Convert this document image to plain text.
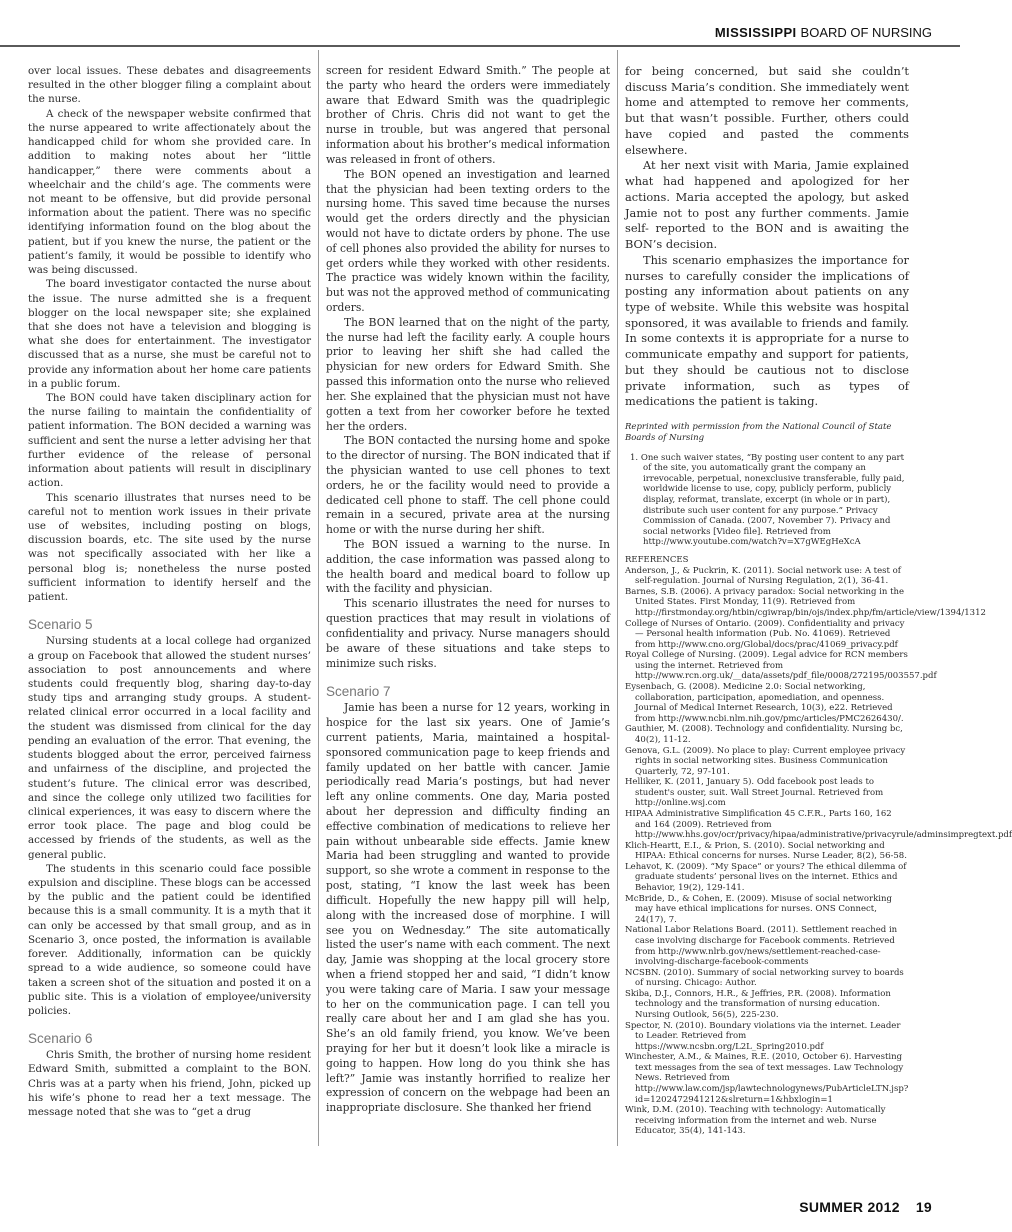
MISSISSIPPI BOARD OF NURSING

over local issues. These debates and disagreements resulted in the other blogger filing a complaint about the nurse.

A check of the newspaper website confirmed that the nurse appeared to write affectionately about the handicapped child for whom she provided care. In addition to making notes about her “little handicapper,” there were comments about a wheelchair and the child’s age. The comments were not meant to be offensive, but did provide personal information about the patient. There was no specific identifying information found on the blog about the patient, but if you knew the nurse, the patient or the patient’s family, it would be possible to identify who was being discussed.

The board investigator contacted the nurse about the issue. The nurse admitted she is a frequent blogger on the local newspaper site; she explained that she does not have a television and blogging is what she does for entertainment. The investigator discussed that as a nurse, she must be careful not to provide any information about her home care patients in a public forum.

The BON could have taken disciplinary action for the nurse failing to maintain the confidentiality of patient information. The BON decided a warning was sufficient and sent the nurse a letter advising her that further evidence of the release of personal information about patients will result in disciplinary action.

This scenario illustrates that nurses need to be careful not to mention work issues in their private use of websites, including posting on blogs, discussion boards, etc. The site used by the nurse was not specifically associated with her like a personal blog is; nonetheless the nurse posted sufficient information to identify herself and the patient.

Scenario 5

Nursing students at a local college had organized a group on Facebook that allowed the student nurses’ association to post announcements and where students could frequently blog, sharing day-to-day study tips and arranging study groups. A student-related clinical error occurred in a local facility and the student was dismissed from clinical for the day pending an evaluation of the error. That evening, the students blogged about the error, perceived fairness and unfairness of the discipline, and projected the student’s future. The clinical error was described, and since the college only utilized two facilities for clinical experiences, it was easy to discern where the error took place. The page and blog could be accessed by friends of the students, as well as the general public.

The students in this scenario could face possible expulsion and discipline. These blogs can be accessed by the public and the patient could be identified because this is a small community. It is a myth that it can only be accessed by that small group, and as in Scenario 3, once posted, the information is available forever. Additionally, information can be quickly spread to a wide audience, so someone could have taken a screen shot of the situation and posted it on a public site. This is a violation of employee/university policies.

Scenario 6

Chris Smith, the brother of nursing home resident Edward Smith, submitted a complaint to the BON. Chris was at a party when his friend, John, picked up his wife’s phone to read her a text message. The message noted that she was to “get a drug

screen for resident Edward Smith.” The people at the party who heard the orders were immediately aware that Edward Smith was the quadriplegic brother of Chris. Chris did not want to get the nurse in trouble, but was angered that personal information about his brother’s medical information was released in front of others.

The BON opened an investigation and learned that the physician had been texting orders to the nursing home. This saved time because the nurses would get the orders directly and the physician would not have to dictate orders by phone. The use of cell phones also provided the ability for nurses to get orders while they worked with other residents. The practice was widely known within the facility, but was not the approved method of communicating orders.

The BON learned that on the night of the party, the nurse had left the facility early. A couple hours prior to leaving her shift she had called the physician for new orders for Edward Smith. She passed this information onto the nurse who relieved her. She explained that the physician must not have gotten a text from her coworker before he texted her the orders.

The BON contacted the nursing home and spoke to the director of nursing. The BON indicated that if the physician wanted to use cell phones to text orders, he or the facility would need to provide a dedicated cell phone to staff. The cell phone could remain in a secured, private area at the nursing home or with the nurse during her shift.

The BON issued a warning to the nurse. In addition, the case information was passed along to the health board and medical board to follow up with the facility and physician.

This scenario illustrates the need for nurses to question practices that may result in violations of confidentiality and privacy. Nurse managers should be aware of these situations and take steps to minimize such risks.

Scenario 7

Jamie has been a nurse for 12 years, working in hospice for the last six years. One of Jamie’s current patients, Maria, maintained a hospital-sponsored communication page to keep friends and family updated on her battle with cancer. Jamie periodically read Maria’s postings, but had never left any online comments. One day, Maria posted about her depression and difficulty finding an effective combination of medications to relieve her pain without unbearable side effects. Jamie knew Maria had been struggling and wanted to provide support, so she wrote a comment in response to the post, stating, “I know the last week has been difficult. Hopefully the new happy pill will help, along with the increased dose of morphine. I will see you on Wednesday.” The site automatically listed the user’s name with each comment. The next day, Jamie was shopping at the local grocery store when a friend stopped her and said, “I didn’t know you were taking care of Maria. I saw your message to her on the communication page. I can tell you really care about her and I am glad she has you. She’s an old family friend, you know. We’ve been praying for her but it doesn’t look like a miracle is going to happen. How long do you think she has left?” Jamie was instantly horrified to realize her expression of concern on the webpage had been an inappropriate disclosure. She thanked her friend

for being concerned, but said she couldn’t discuss Maria’s condition. She immediately went home and attempted to remove her comments, but that wasn’t possible. Further, others could have copied and pasted the comments elsewhere.

At her next visit with Maria, Jamie explained what had happened and apologized for her actions. Maria accepted the apology, but asked Jamie not to post any further comments. Jamie self- reported to the BON and is awaiting the BON’s decision.

This scenario emphasizes the importance for nurses to carefully consider the implications of posting any information about patients on any type of website. While this website was hospital sponsored, it was available to friends and family. In some contexts it is appropriate for a nurse to communicate empathy and support for patients, but they should be cautious not to disclose private information, such as types of medications the patient is taking.

Reprinted with permission from the National Council of State Boards of Nursing
1. One such waiver states, “By posting user content to any part of the site, you automatically grant the company an irrevocable, perpetual, nonexclusive transferable, fully paid, worldwide license to use, copy, publicly perform, publicly display, reformat, translate, excerpt (in whole or in part), distribute such user content for any purpose.” Privacy Commission of Canada. (2007, November 7). Privacy and social networks [Video file]. Retrieved from http://www.youtube.com/watch?v=X7gWEgHeXcA
REFERENCES
Anderson, J., & Puckrin, K. (2011). Social network use: A test of self-regulation. Journal of Nursing Regulation, 2(1), 36-41.
Barnes, S.B. (2006). A privacy paradox: Social networking in the United States. First Monday, 11(9). Retrieved from http://firstmonday.org/htbin/cgiwrap/bin/ojs/index.php/fm/article/view/1394/1312
College of Nurses of Ontario. (2009). Confidentiality and privacy — Personal health information (Pub. No. 41069). Retrieved from http://www.cno.org/Global/docs/prac/41069_privacy.pdf
Royal College of Nursing. (2009). Legal advice for RCN members using the internet. Retrieved from http://www.rcn.org.uk/__data/assets/pdf_file/0008/272195/003557.pdf
Eysenbach, G. (2008). Medicine 2.0: Social networking, collaboration, participation, apomediation, and openness. Journal of Medical Internet Research, 10(3), e22. Retrieved from http://www.ncbi.nlm.nih.gov/pmc/articles/PMC2626430/.
Gauthier, M. (2008). Technology and confidentiality. Nursing bc, 40(2), 11-12.
Genova, G.L. (2009). No place to play: Current employee privacy rights in social networking sites. Business Communication Quarterly, 72, 97-101.
Helliker, K. (2011, January 5). Odd facebook post leads to student's ouster, suit. Wall Street Journal. Retrieved from http://online.wsj.com
HIPAA Administrative Simplification 45 C.F.R., Parts 160, 162 and 164 (2009). Retrieved from http://www.hhs.gov/ocr/privacy/hipaa/administrative/privacyrule/adminsimpregtext.pdf
Klich-Heartt, E.I., & Prion, S. (2010). Social networking and HIPAA: Ethical concerns for nurses. Nurse Leader, 8(2), 56-58.
Lehavot, K. (2009). “My Space” or yours? The ethical dilemma of graduate students’ personal lives on the internet. Ethics and Behavior, 19(2), 129-141.
McBride, D., & Cohen, E. (2009). Misuse of social networking may have ethical implications for nurses. ONS Connect, 24(17), 7.
National Labor Relations Board. (2011). Settlement reached in case involving discharge for Facebook comments. Retrieved from http://www.nlrb.gov/news/settlement-reached-case-involving-discharge-facebook-comments
NCSBN. (2010). Summary of social networking survey to boards of nursing. Chicago: Author.
Skiba, D.J., Connors, H.R., & Jeffries, P.R. (2008). Information technology and the transformation of nursing education. Nursing Outlook, 56(5), 225-230.
Spector, N. (2010). Boundary violations via the internet. Leader to Leader. Retrieved from https://www.ncsbn.org/L2L_Spring2010.pdf
Winchester, A.M., & Maines, R.E. (2010, October 6). Harvesting text messages from the sea of text messages. Law Technology News. Retrieved from http://www.law.com/jsp/lawtechnologynews/PubArticleLTN.jsp?id=1202472941212&slreturn=1&hbxlogin=1
Wink, D.M. (2010). Teaching with technology: Automatically receiving information from the internet and web. Nurse Educator, 35(4), 141-143.
SUMMER 2012 19
